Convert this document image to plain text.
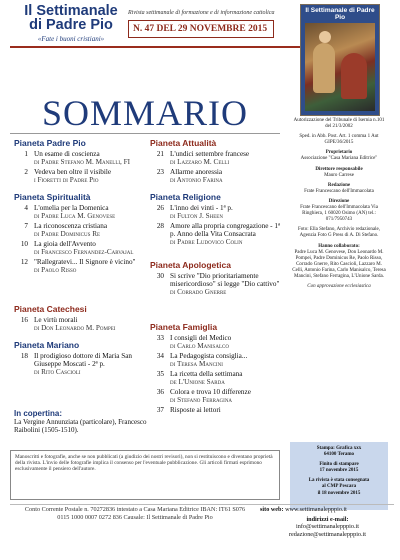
Il Settimanale
di Padre Pio
«Fate i buoni cristiani»
Rivista settimanale di formazione e di informazione cattolica
N. 47 DEL 29 NOVEMBRE 2015
Il Settimanale di Padre Pio
SOMMARIO
Pianeta Padre Pio
1 Un esame di coscienza
di Padre Stefano M. Manelli, FI
2 Vedeva ben oltre il visibile
i Fioretti di Padre Pio
Pianeta Spiritualità
4 L'omelia per la Domenica
di Padre Luca M. Genovese
7 La riconoscenza cristiana
di Padre Dominicus Re
10 La gioia dell'Avvento
di Francesco Fernandez-Carvajal
12 "Rallegratevi... Il Signore è vicino"
di Paolo Risso
Pianeta Catechesi
16 Le virtù morali
di Don Leonardo M. Pompei
Pianeta Mariano
18 Il prodigioso dottore di Maria San Giuseppe Moscati - 2ª p.
di Rito Cascioli
Pianeta Attualità
21 L'undici settembre francese
di Lazzaro M. Celli
23 Allarme anoressia
di Antonio Farina
Pianeta Religione
26 L'inno dei vinti - 1ª p.
di Fulton J. Sheen
28 Amore alla propria congregazione - 1ª p. Anno della Vita Consacrata
di Padre Ludovico Colin
Pianeta Apologetica
30 Si scrive "Dio prioritariamente misericordioso" si legge "Dio cattivo"
di Corrado Gnerre
Pianeta Famiglia
33 I consigli del Medico
di Carlo Manisalco
34 La Pedagogista consiglia...
di Teresa Mancini
35 La ricetta della settimana
de L'Unione Sarda
36 Colora e trova 10 differenze
di Stefano Ferragina
37 Risposte ai lettori
In copertina:
La Vergine Annunziata (particolare), Francesco Raibolini (1505-1510).
Manoscritti e fotografie, anche se non pubblicati (a giudizio dei nostri revisori), non si restituiscono e diventano proprietà della rivista. L'invio delle fotografie implica il consenso per l'eventuale pubblicazione. Gli articoli firmati esprimono esclusivamente il pensiero dell'autore.

Autorizzazione del Tribunale di Isernia n.101 del 21/3/2002

Sped. in Abb. Post. Art. 1 comma 1 Aut GIPE/36/2015

Proprietario
Associazione "Casa Mariana Editrice"

Direttore responsabile
Mauro Carrese

Redazione
Frate Francescano dell'Immacolata

Direzione
Frate Francescano dell'Immacolata Via Ringhiera, 1 60020 Osimo (AN) tel.: 071/7950743

Foto: Ella Stefano, Archivio redazionale, Agenzia Foto G Press di A. Di Stefano.

Hanno collaborato:
Padre Luca M. Genovese, Don Leonardo M. Pompei, Padre Dominicus Re, Paolo Risso, Corrado Gnerre, Rito Cascioli, Lazzaro M. Celli, Antonio Farina, Carlo Manisalco, Teresa Mancini, Stefano Ferragina, L'Unione Sarda.

Con approvazione ecclesiastica

Stampa: Grafica xxx
64100 Teramo
Finito di stampare
17 novembre 2015
La rivista è stata consegnata
al CMP Pescara
il 18 novembre 2015
Conto Corrente Postale n. 70272836 intestato a Casa Mariana Editrice IBAN: IT61 S076 0115 1000 0007 0272 836 Causale: Il Settimanale di Padre Pio
sito web: www.settimanalepppio.it
indirizzi e-mail:
info@settimanalepppio.it
redazione@settimanalepppio.it
